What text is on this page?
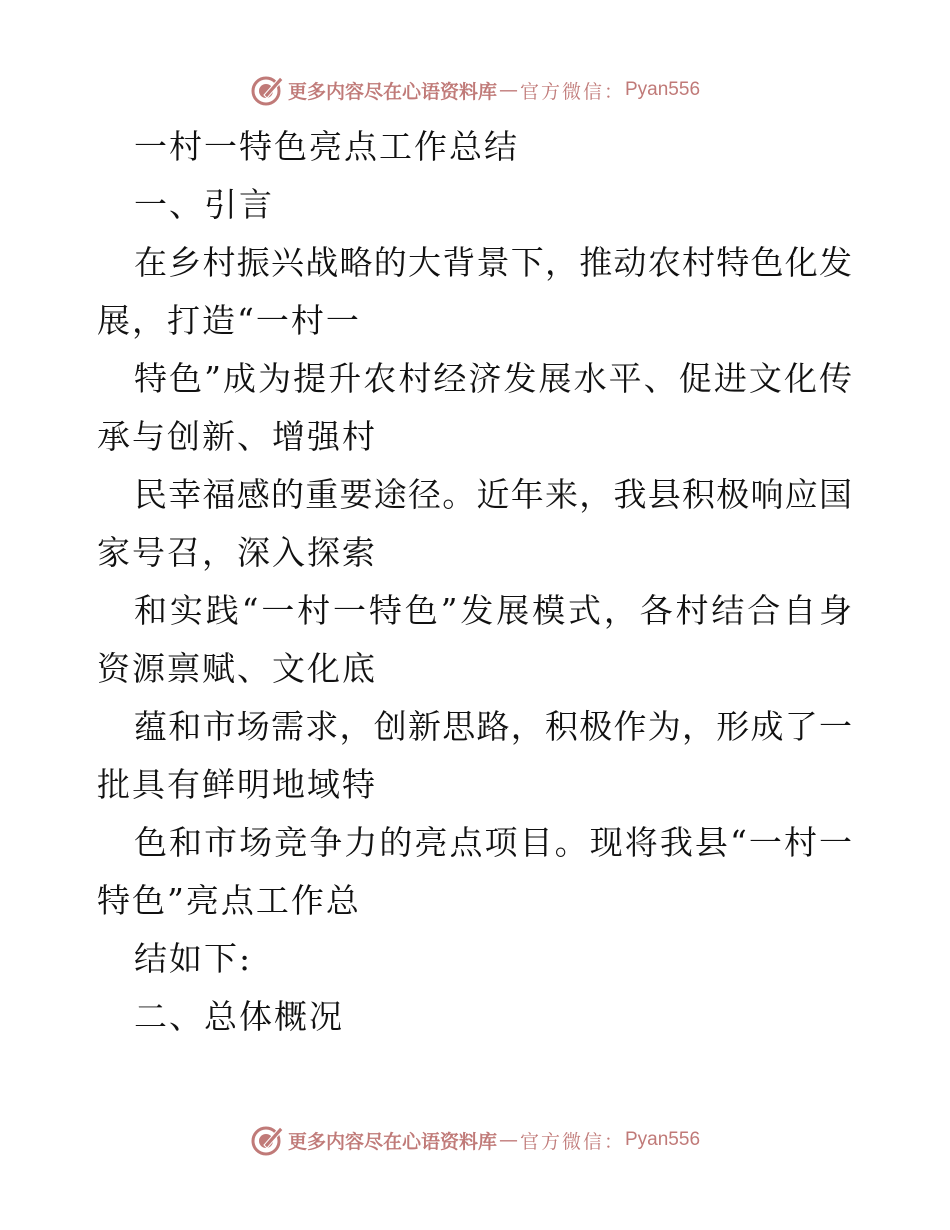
更多内容尽在心语资料库 — 官方微信： Pyan556
一村一特色亮点工作总结
一、引言
在乡村振兴战略的大背景下，推动农村特色化发
展，打造“一村一
特色”成为提升农村经济发展水平、促进文化传
承与创新、增强村
民幸福感的重要途径。近年来，我县积极响应国
家号召，深入探索
和实践“一村一特色”发展模式，各村结合自身
资源禀赋、文化底
蕴和市场需求，创新思路，积极作为，形成了一
批具有鲜明地域特
色和市场竞争力的亮点项目。现将我县“一村一
特色”亮点工作总
结如下:
二、总体概况
更多内容尽在心语资料库 — 官方微信： Pyan556
